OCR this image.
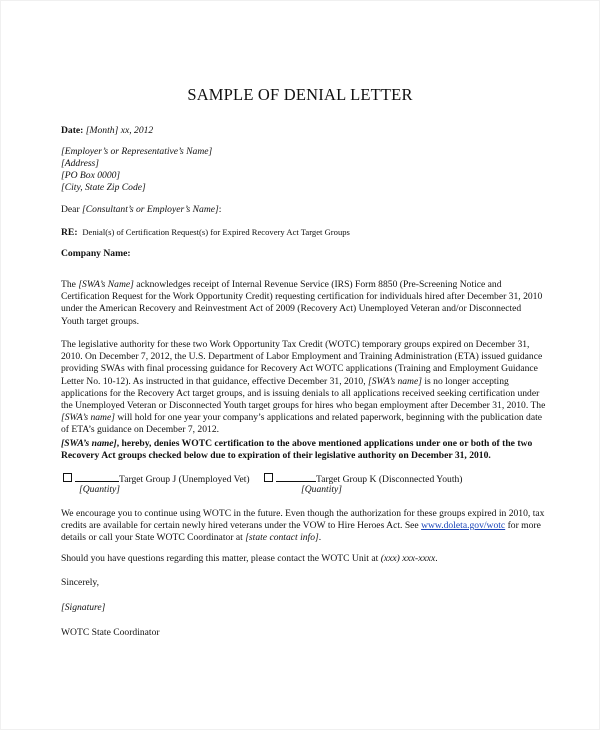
SAMPLE OF DENIAL LETTER
Date: [Month] xx, 2012
[Employer’s or Representative’s Name]
[Address]
[PO Box 0000]
[City, State Zip Code]
Dear [Consultant’s or Employer’s Name]:
RE: Denial(s) of Certification Request(s) for Expired Recovery Act Target Groups
Company Name:
The [SWA’s Name] acknowledges receipt of Internal Revenue Service (IRS) Form 8850 (Pre-Screening Notice and Certification Request for the Work Opportunity Credit) requesting certification for individuals hired after December 31, 2010 under the American Recovery and Reinvestment Act of 2009 (Recovery Act) Unemployed Veteran and/or Disconnected Youth target groups.
The legislative authority for these two Work Opportunity Tax Credit (WOTC) temporary groups expired on December 31, 2010. On December 7, 2012, the U.S. Department of Labor Employment and Training Administration (ETA) issued guidance providing SWAs with final processing guidance for Recovery Act WOTC applications (Training and Employment Guidance Letter No. 10-12). As instructed in that guidance, effective December 31, 2010, [SWA’s name] is no longer accepting applications for the Recovery Act target groups, and is issuing denials to all applications received seeking certification under the Unemployed Veteran or Disconnected Youth target groups for hires who began employment after December 31, 2010. The [SWA’s name] will hold for one year your company’s applications and related paperwork, beginning with the publication date of ETA’s guidance on December 7, 2012.
[SWA’s name], hereby, denies WOTC certification to the above mentioned applications under one or both of the two Recovery Act groups checked below due to expiration of their legislative authority on December 31, 2010.
Target Group J (Unemployed Vet)
[Quantity]
Target Group K (Disconnected Youth)
[Quantity]
We encourage you to continue using WOTC in the future. Even though the authorization for these groups expired in 2010, tax credits are available for certain newly hired veterans under the VOW to Hire Heroes Act. See www.doleta.gov/wotc for more details or call your State WOTC Coordinator at [state contact info].
Should you have questions regarding this matter, please contact the WOTC Unit at (xxx) xxx-xxxx.
Sincerely,
[Signature]
WOTC State Coordinator
